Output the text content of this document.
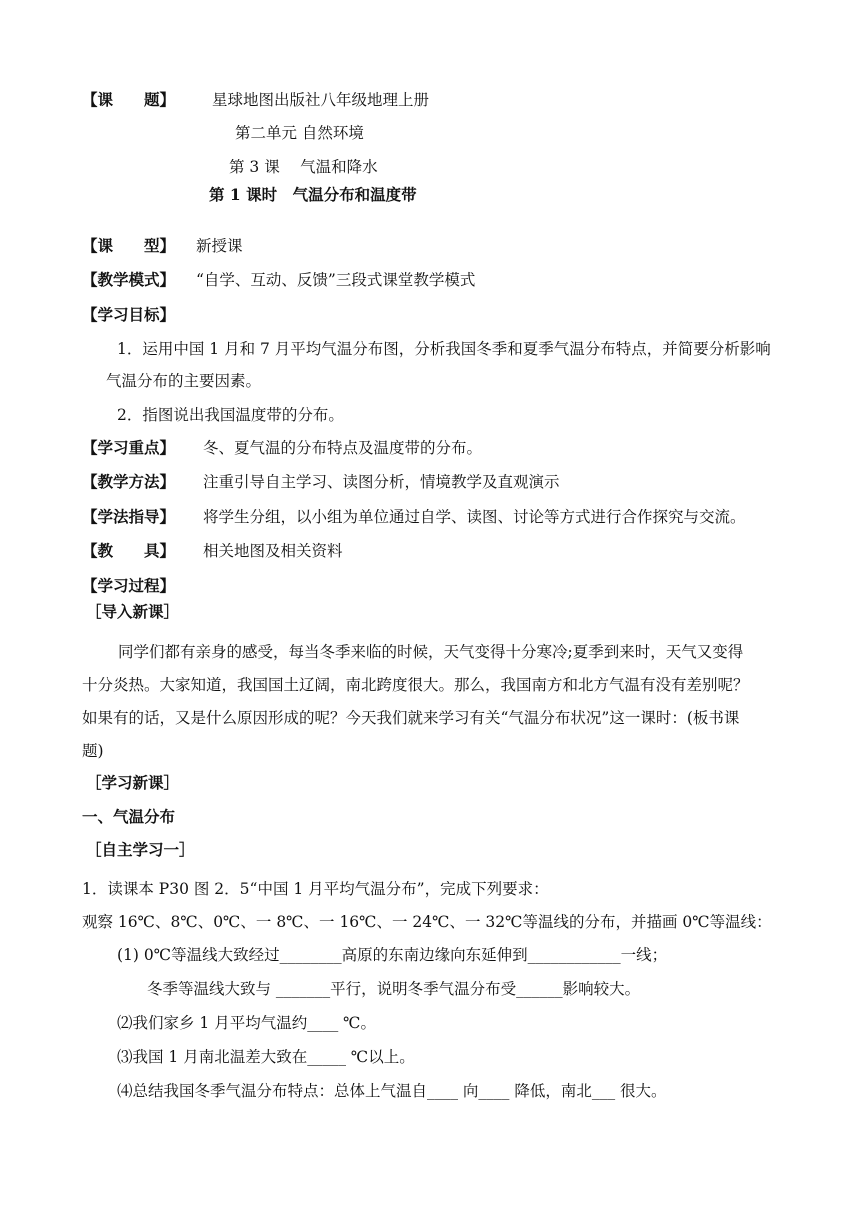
【课　　题】 星球地图出版社八年级地理上册
第二单元 自然环境
第 3 课　 气温和降水
第 1 课时　气温分布和温度带
【课　　型】 新授课
【教学模式】 “自学、互动、反馈”三段式课堂教学模式
【学习目标】
1．运用中国 1 月和 7 月平均气温分布图，分析我国冬季和夏季气温分布特点，并简要分析影响
气温分布的主要因素。
2．指图说出我国温度带的分布。
【学习重点】 冬、夏气温的分布特点及温度带的分布。
【教学方法】 注重引导自主学习、读图分析，情境教学及直观演示
【学法指导】 将学生分组，以小组为单位通过自学、读图、讨论等方式进行合作探究与交流。
【教　　具】 相关地图及相关资料
【学习过程】
［导入新课］
同学们都有亲身的感受，每当冬季来临的时候，天气变得十分寒冷;夏季到来时，天气又变得
十分炎热。大家知道，我国国土辽阔，南北跨度很大。那么，我国南方和北方气温有没有差别呢？
如果有的话，又是什么原因形成的呢？今天我们就来学习有关“气温分布状况”这一课时：(板书课
题)
［学习新课］
一、气温分布
［自主学习一］
1．读课本 P30 图 2．5“中国 1 月平均气温分布”，完成下列要求：
观察 16℃、8℃、0℃、一 8℃、一 16℃、一 24℃、一 32℃等温线的分布，并描画 0℃等温线：
(1) 0℃等温线大致经过________高原的东南边缘向东延伸到____________一线；
冬季等温线大致与 _______平行，说明冬季气温分布受______影响较大。
⑵我们家乡 1 月平均气温约____ ℃。
⑶我国 1 月南北温差大致在_____ ℃以上。
⑷总结我国冬季气温分布特点：总体上气温自____ 向____ 降低，南北___ 很大。
